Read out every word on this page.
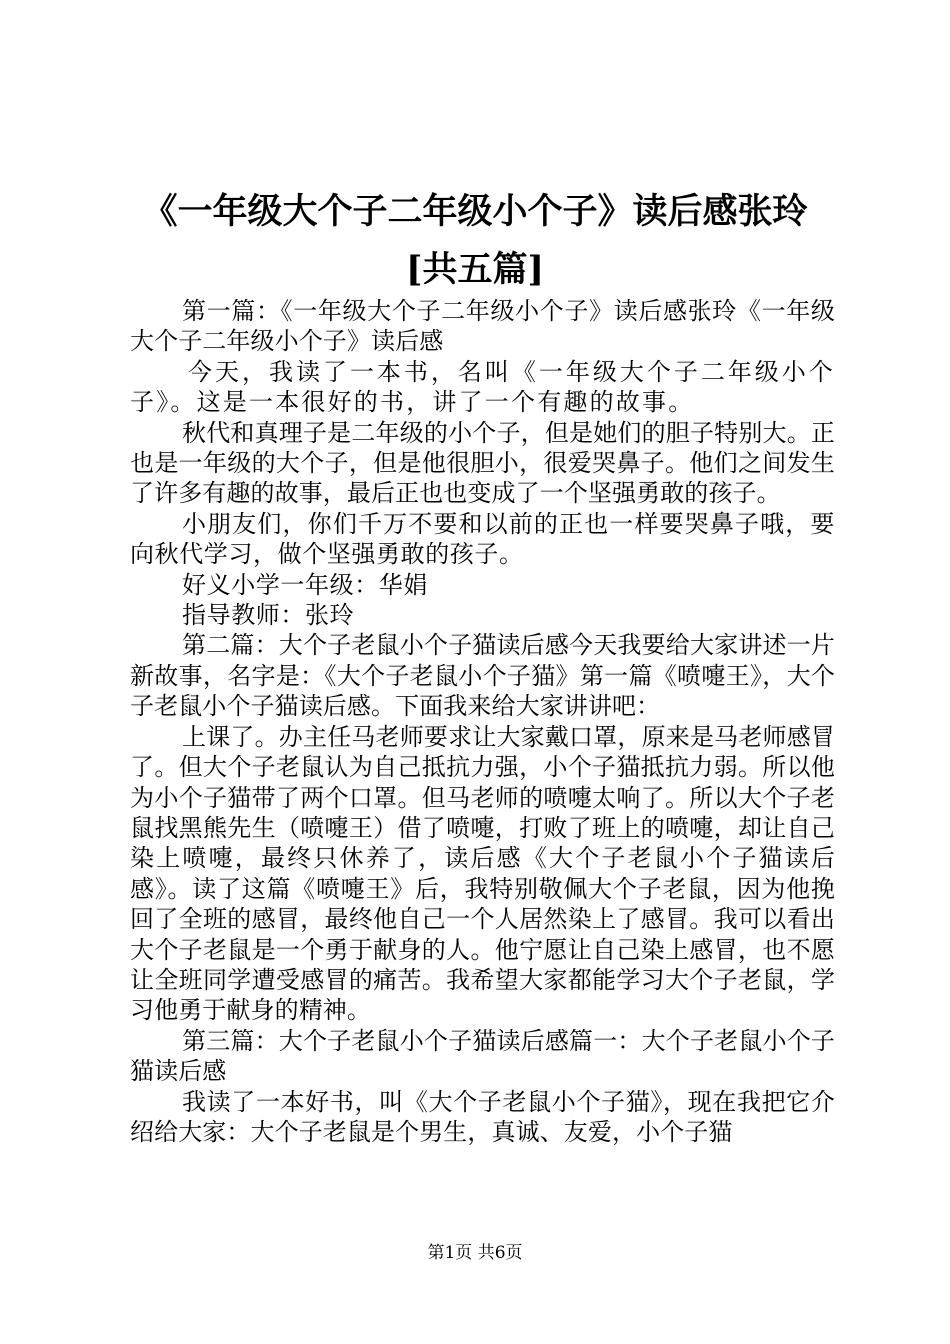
《一年级大个子二年级小个子》读后感张玲
[共五篇]

第一篇：《一年级大个子二年级小个子》读后感张玲《一年级大个子二年级小个子》读后感

今天，我读了一本书，名叫《一年级大个子二年级小个子》。这是一本很好的书，讲了一个有趣的故事。

秋代和真理子是二年级的小个子，但是她们的胆子特别大。正也是一年级的大个子，但是他很胆小，很爱哭鼻子。他们之间发生了许多有趣的故事，最后正也也变成了一个坚强勇敢的孩子。

小朋友们，你们千万不要和以前的正也一样要哭鼻子哦，要向秋代学习，做个坚强勇敢的孩子。

好义小学一年级：华娟

指导教师：张玲

第二篇：大个子老鼠小个子猫读后感今天我要给大家讲述一片新故事，名字是：《大个子老鼠小个子猫》第一篇《喷嚏王》，大个子老鼠小个子猫读后感。下面我来给大家讲讲吧：

上课了。办主任马老师要求让大家戴口罩，原来是马老师感冒了。但大个子老鼠认为自己抵抗力强，小个子猫抵抗力弱。所以他为小个子猫带了两个口罩。但马老师的喷嚏太响了。所以大个子老鼠找黑熊先生（喷嚏王）借了喷嚏，打败了班上的喷嚏，却让自己染上喷嚏，最终只休养了，读后感《大个子老鼠小个子猫读后感》。读了这篇《喷嚏王》后，我特别敬佩大个子老鼠，因为他挽回了全班的感冒，最终他自己一个人居然染上了感冒。我可以看出大个子老鼠是一个勇于献身的人。他宁愿让自己染上感冒，也不愿让全班同学遭受感冒的痛苦。我希望大家都能学习大个子老鼠，学习他勇于献身的精神。

第三篇：大个子老鼠小个子猫读后感篇一：大个子老鼠小个子猫读后感

我读了一本好书，叫《大个子老鼠小个子猫》，现在我把它介绍给大家：大个子老鼠是个男生，真诚、友爱，小个子猫

第1页 共6页
